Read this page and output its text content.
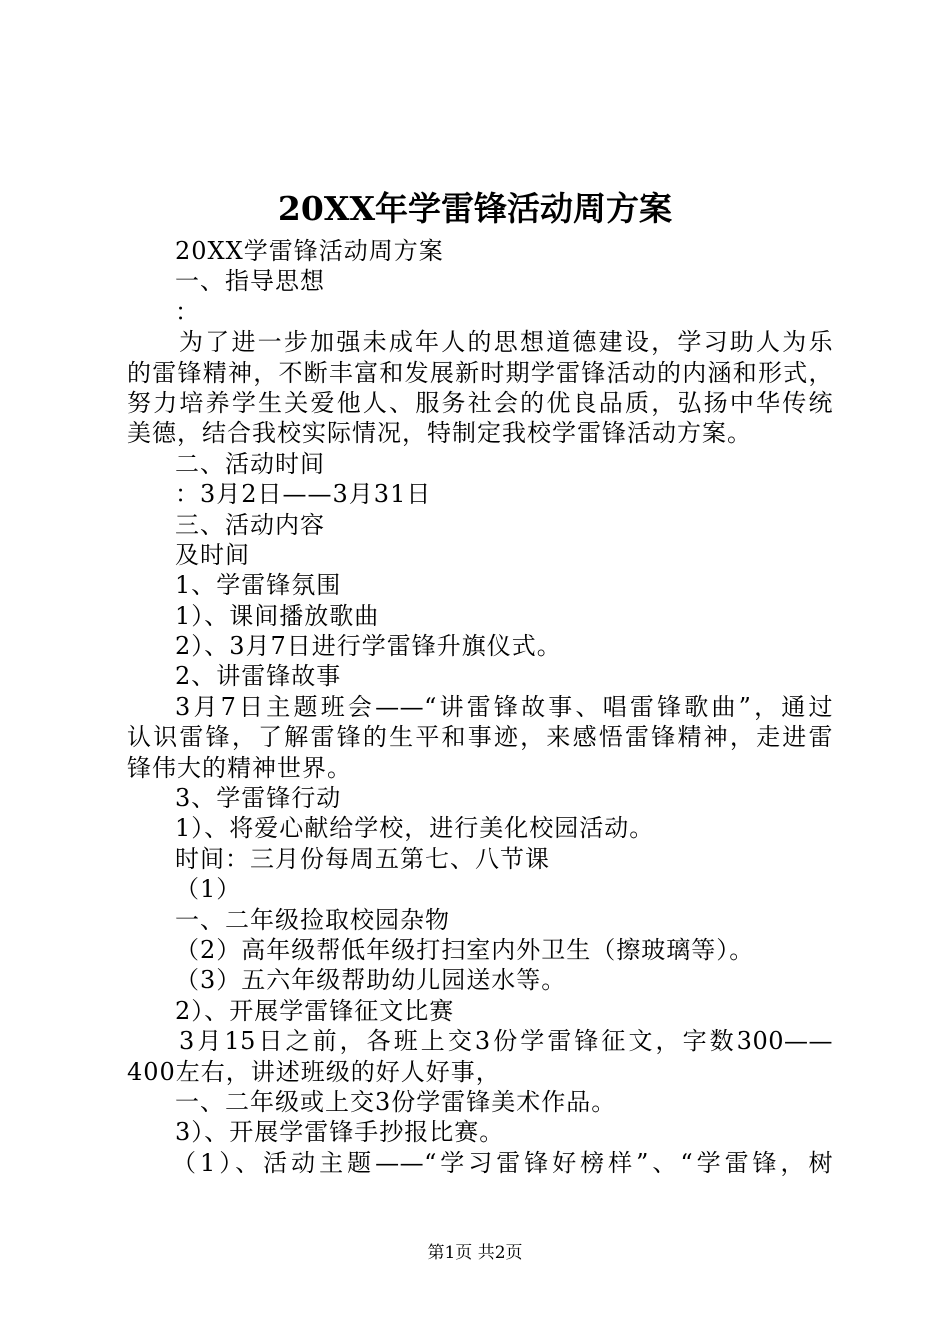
20XX年学雷锋活动周方案
20XX学雷锋活动周方案
一、指导思想
：
为了进一步加强未成年人的思想道德建设，学习助人为乐
的雷锋精神，不断丰富和发展新时期学雷锋活动的内涵和形式，
努力培养学生关爱他人、服务社会的优良品质，弘扬中华传统
美德，结合我校实际情况，特制定我校学雷锋活动方案。
二、活动时间
：3月2日——3月31日
三、活动内容
及时间
1、学雷锋氛围
1）、课间播放歌曲
2）、3月7日进行学雷锋升旗仪式。
2、讲雷锋故事
3月7日主题班会——“讲雷锋故事、唱雷锋歌曲”，通过
认识雷锋，了解雷锋的生平和事迹，来感悟雷锋精神，走进雷
锋伟大的精神世界。
3、学雷锋行动
1）、将爱心献给学校，进行美化校园活动。
时间：三月份每周五第七、八节课
（1）
一、二年级捡取校园杂物
（2）高年级帮低年级打扫室内外卫生（擦玻璃等）。
（3）五六年级帮助幼儿园送水等。
2）、开展学雷锋征文比赛
3月15日之前，各班上交3份学雷锋征文，字数300——
400左右，讲述班级的好人好事，
一、二年级或上交3份学雷锋美术作品。
3）、开展学雷锋手抄报比赛。
（1）、活动主题——“学习雷锋好榜样”、“学雷锋，树
第1页 共2页
